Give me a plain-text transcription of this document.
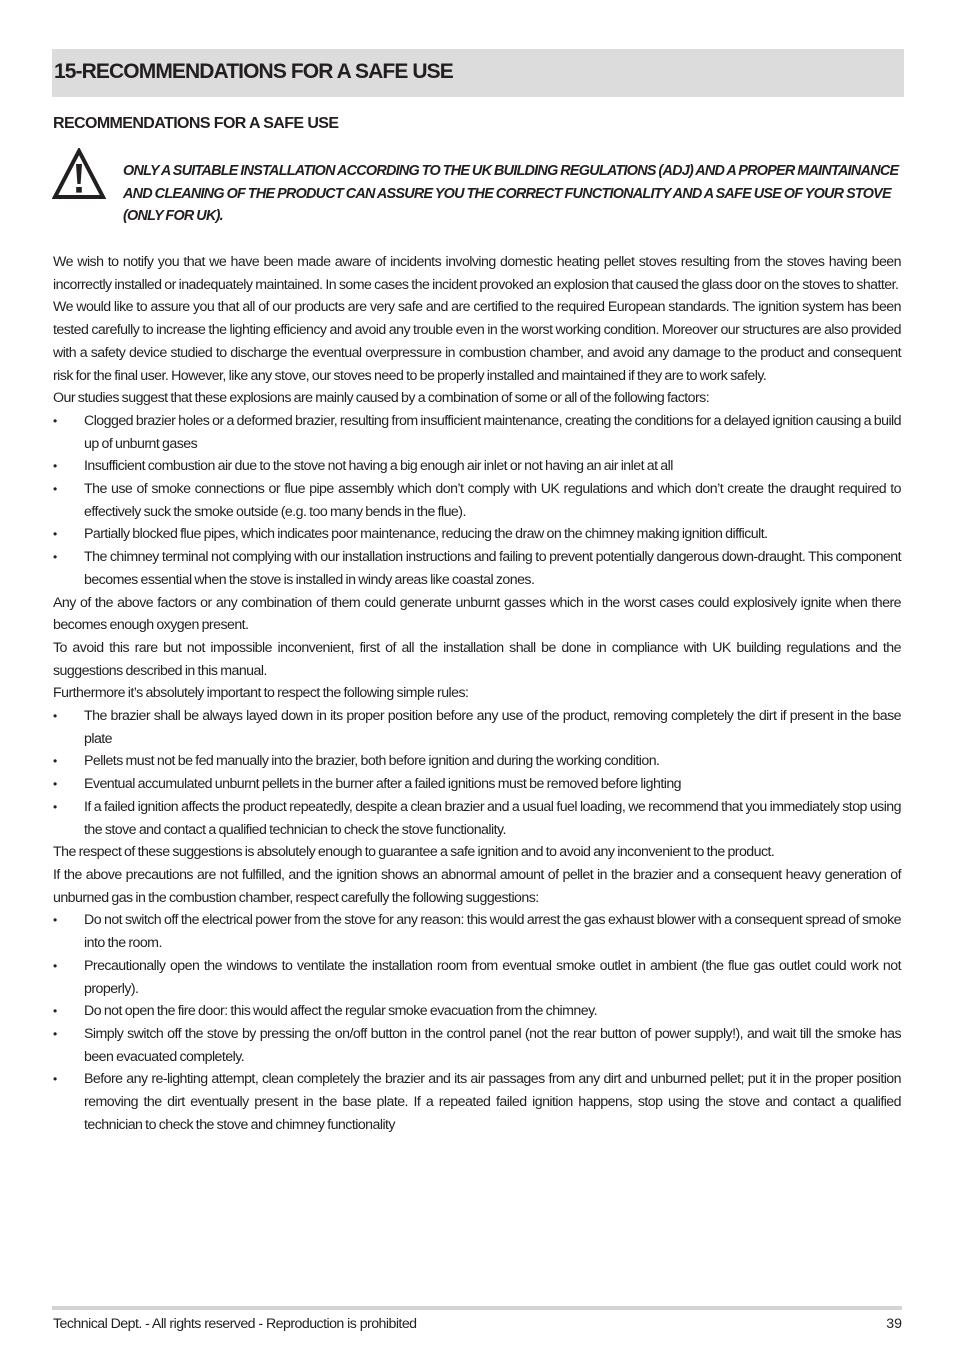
15-RECOMMENDATIONS FOR A SAFE USE
RECOMMENDATIONS FOR A SAFE USE

ONLY A SUITABLE INSTALLATION ACCORDING TO THE UK BUILDING REGULATIONS (ADJ) AND A PROPER MAINTAINANCE AND CLEANING OF THE PRODUCT CAN ASSURE YOU THE CORRECT FUNCTIONALITY AND A SAFE USE OF YOUR STOVE (ONLY FOR UK).

We wish to notify you that we have been made aware of incidents involving domestic heating pellet stoves resulting from the stoves having been incorrectly installed or inadequately maintained. In some cases the incident provoked an explosion that caused the glass door on the stoves to shatter.

We would like to assure you that all of our products are very safe and are certified to the required European standards. The ignition system has been tested carefully to increase the lighting efficiency and avoid any trouble even in the worst working condition. Moreover our structures are also provided with a safety device studied to discharge the eventual overpressure in combustion chamber, and avoid any damage to the product and consequent risk for the final user. However, like any stove, our stoves need to be properly installed and maintained if they are to work safely.

Our studies suggest that these explosions are mainly caused by a combination of some or all of the following factors:

• Clogged brazier holes or a deformed brazier, resulting from insufficient maintenance, creating the conditions for a delayed ignition causing a build up of unburnt gases
• Insufficient combustion air due to the stove not having a big enough air inlet or not having an air inlet at all
• The use of smoke connections or flue pipe assembly which don’t comply with UK regulations and which don’t create the draught required to effectively suck the smoke outside (e.g. too many bends in the flue).
• Partially blocked flue pipes, which indicates poor maintenance, reducing the draw on the chimney making ignition difficult.
• The chimney terminal not complying with our installation instructions and failing to prevent potentially dangerous down-draught. This component becomes essential when the stove is installed in windy areas like coastal zones.

Any of the above factors or any combination of them could generate unburnt gasses which in the worst cases could explosively ignite when there becomes enough oxygen present.

To avoid this rare but not impossible inconvenient, first of all the installation shall be done in compliance with UK building regulations and the suggestions described in this manual.

Furthermore it’s absolutely important to respect the following simple rules:

• The brazier shall be always layed down in its proper position before any use of the product, removing completely the dirt if present in the base plate
• Pellets must not be fed manually into the brazier, both before ignition and during the working condition.
• Eventual accumulated unburnt pellets in the burner after a failed ignitions must be removed before lighting
• If a failed ignition affects the product repeatedly, despite a clean brazier and a usual fuel loading, we recommend that you immediately stop using the stove and contact a qualified technician to check the stove functionality.

The respect of these suggestions is absolutely enough to guarantee a safe ignition and to avoid any inconvenient to the product.

If the above precautions are not fulfilled, and the ignition shows an abnormal amount of pellet in the brazier and a consequent heavy generation of unburned gas in the combustion chamber, respect carefully the following suggestions:

• Do not switch off the electrical power from the stove for any reason: this would arrest the gas exhaust blower with a consequent spread of smoke into the room.
• Precautionally open the windows to ventilate the installation room from eventual smoke outlet in ambient (the flue gas outlet could work not properly).
• Do not open the fire door: this would affect the regular smoke evacuation from the chimney.
• Simply switch off the stove by pressing the on/off button in the control panel (not the rear button of power supply!), and wait till the smoke has been evacuated completely.
• Before any re-lighting attempt, clean completely the brazier and its air passages from any dirt and unburned pellet; put it in the proper position removing the dirt eventually present in the base plate. If a repeated failed ignition happens, stop using the stove and contact a qualified technician to check the stove and chimney functionality
Technical Dept. - All rights reserved - Reproduction is prohibited	39
